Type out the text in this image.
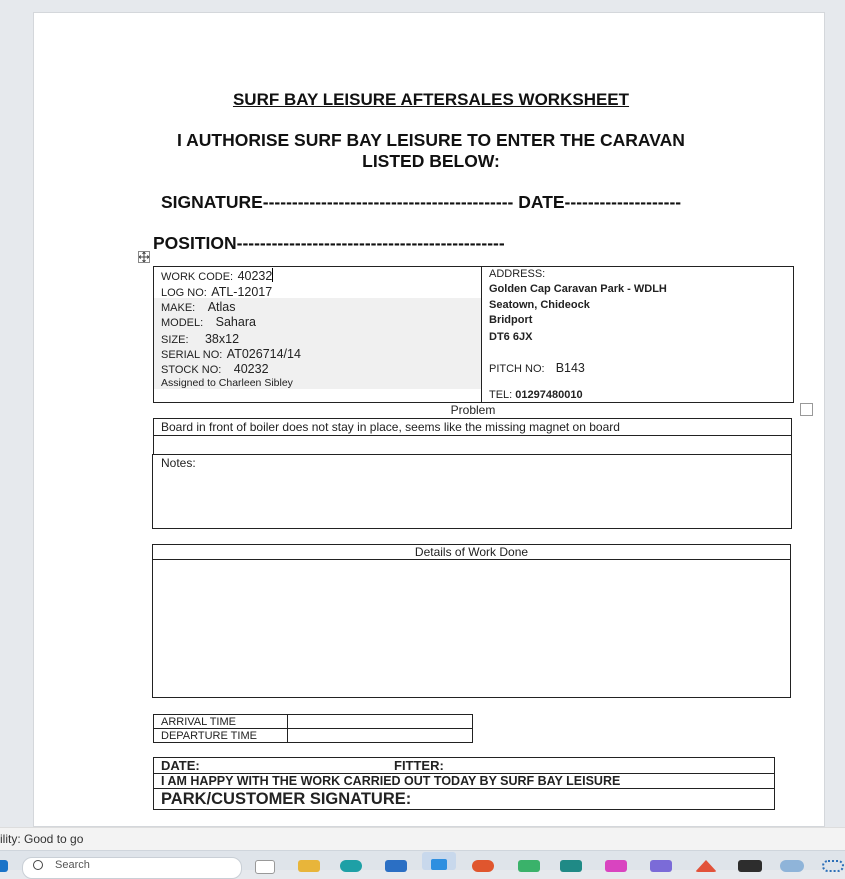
SURF BAY LEISURE AFTERSALES WORKSHEET
I AUTHORISE SURF BAY LEISURE TO ENTER THE CARAVAN
LISTED BELOW:
SIGNATURE------------------------------------------- DATE--------------------
POSITION----------------------------------------------
WORK CODE: 40232
LOG NO: ATL-12017
MAKE: Atlas
MODEL: Sahara
SIZE: 38x12
SERIAL NO: AT026714/14
STOCK NO: 40232
Assigned to Charleen Sibley
ADDRESS:
Golden Cap Caravan Park - WDLH
Seatown, Chideock
Bridport
DT6 6JX
PITCH NO: B143
TEL: 01297480010
Problem
Board in front of boiler does not stay in place, seems like the missing magnet on board
Notes:
Details of Work Done
ARRIVAL TIME
DEPARTURE TIME
DATE:	FITTER:
I AM HAPPY WITH THE WORK CARRIED OUT TODAY BY SURF BAY LEISURE
PARK/CUSTOMER SIGNATURE:
ility: Good to go
Search
